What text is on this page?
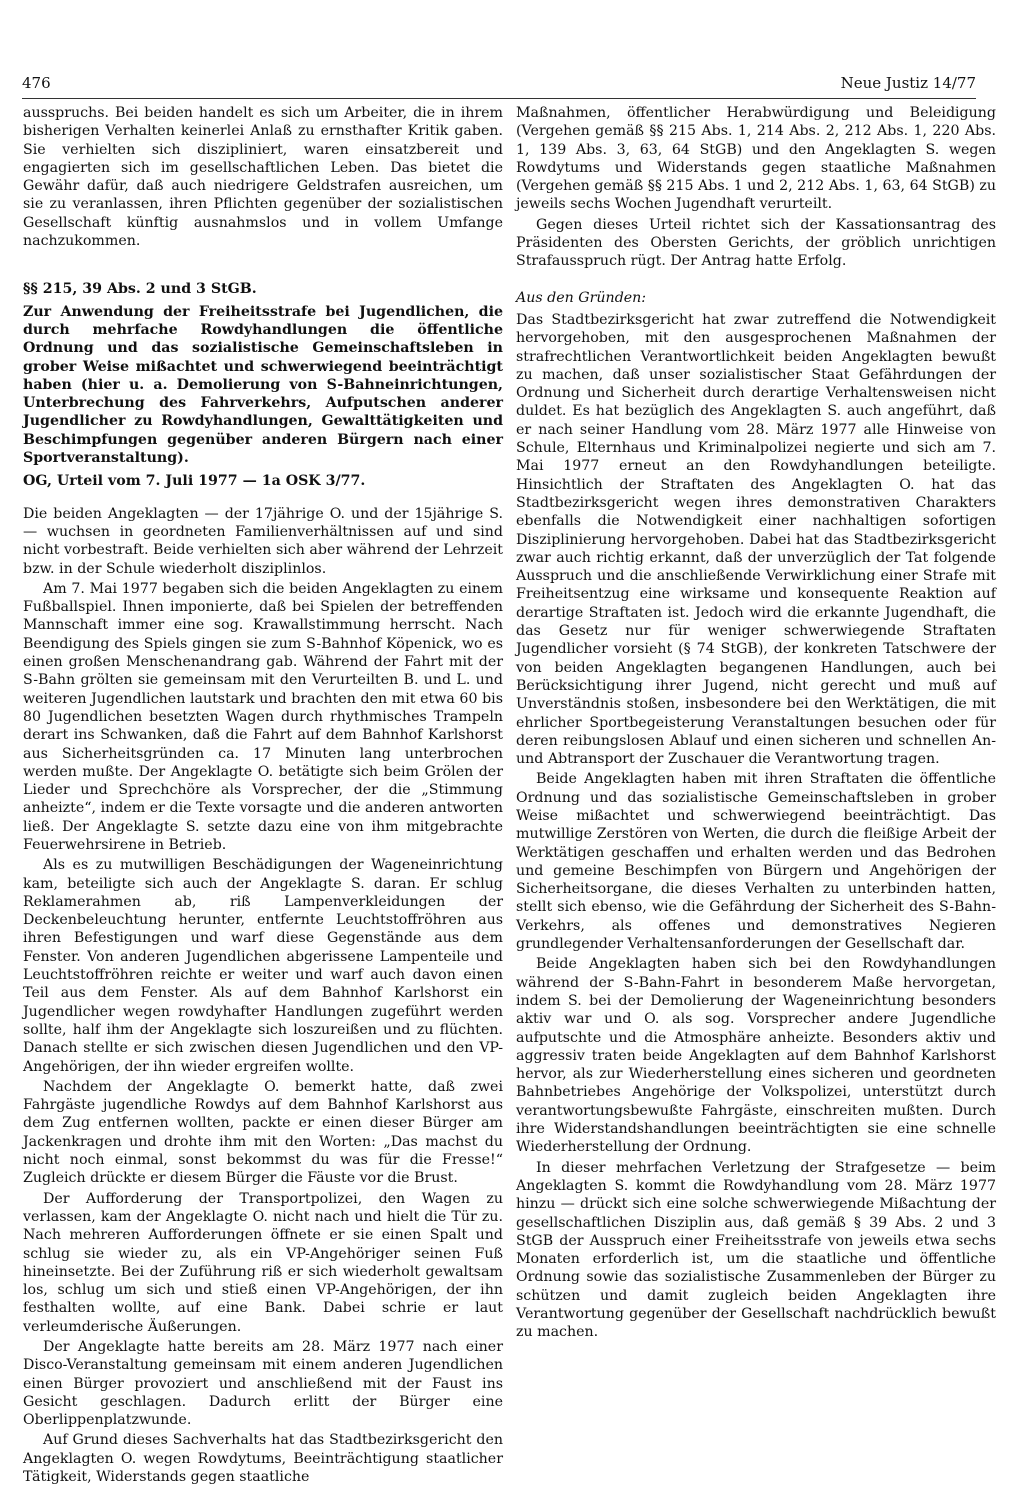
476	Neue Justiz 14/77

ausspruchs. Bei beiden handelt es sich um Arbeiter, die in ihrem bisherigen Verhalten keinerlei Anlaß zu ernsthafter Kritik gaben. Sie verhielten sich diszipliniert, waren einsatzbereit und engagierten sich im gesellschaftlichen Leben. Das bietet die Gewähr dafür, daß auch niedrigere Geldstrafen ausreichen, um sie zu veranlassen, ihren Pflichten gegenüber der sozialistischen Gesellschaft künftig ausnahmslos und in vollem Umfange nachzukommen.

§§ 215, 39 Abs. 2 und 3 StGB.

Zur Anwendung der Freiheitsstrafe bei Jugendlichen, die durch mehrfache Rowdyhandlungen die öffentliche Ordnung und das sozialistische Gemeinschaftsleben in grober Weise mißachtet und schwerwiegend beeinträchtigt haben (hier u. a. Demolierung von S-Bahneinrichtungen, Unterbrechung des Fahrverkehrs, Aufputschen anderer Jugendlicher zu Rowdyhandlungen, Gewalttätigkeiten und Beschimpfungen gegenüber anderen Bürgern nach einer Sportveranstaltung).

OG, Urteil vom 7. Juli 1977 — 1a OSK 3/77.

Die beiden Angeklagten — der 17jährige O. und der 15jährige S. — wuchsen in geordneten Familienverhältnissen auf und sind nicht vorbestraft. Beide verhielten sich aber während der Lehrzeit bzw. in der Schule wiederholt disziplinlos.

Am 7. Mai 1977 begaben sich die beiden Angeklagten zu einem Fußballspiel. Ihnen imponierte, daß bei Spielen der betreffenden Mannschaft immer eine sog. Krawallstimmung herrscht. Nach Beendigung des Spiels gingen sie zum S-Bahnhof Köpenick, wo es einen großen Menschenandrang gab. Während der Fahrt mit der S-Bahn grölten sie gemeinsam mit den Verurteilten B. und L. und weiteren Jugendlichen lautstark und brachten den mit etwa 60 bis 80 Jugendlichen besetzten Wagen durch rhythmisches Trampeln derart ins Schwanken, daß die Fahrt auf dem Bahnhof Karlshorst aus Sicherheitsgründen ca. 17 Minuten lang unterbrochen werden mußte. Der Angeklagte O. betätigte sich beim Grölen der Lieder und Sprechchöre als Vorsprecher, der die „Stimmung anheizte“, indem er die Texte vorsagte und die anderen antworten ließ. Der Angeklagte S. setzte dazu eine von ihm mitgebrachte Feuerwehrsirene in Betrieb.

Als es zu mutwilligen Beschädigungen der Wageneinrichtung kam, beteiligte sich auch der Angeklagte S. daran. Er schlug Reklamerahmen ab, riß Lampenverkleidungen der Deckenbeleuchtung herunter, entfernte Leuchtstoffröhren aus ihren Befestigungen und warf diese Gegenstände aus dem Fenster. Von anderen Jugendlichen abgerissene Lampenteile und Leuchtstoffröhren reichte er weiter und warf auch davon einen Teil aus dem Fenster. Als auf dem Bahnhof Karlshorst ein Jugendlicher wegen rowdyhafter Handlungen zugeführt werden sollte, half ihm der Angeklagte sich loszureißen und zu flüchten. Danach stellte er sich zwischen diesen Jugendlichen und den VP-Angehörigen, der ihn wieder ergreifen wollte.

Nachdem der Angeklagte O. bemerkt hatte, daß zwei Fahrgäste jugendliche Rowdys auf dem Bahnhof Karlshorst aus dem Zug entfernen wollten, packte er einen dieser Bürger am Jackenkragen und drohte ihm mit den Worten: „Das machst du nicht noch einmal, sonst bekommst du was für die Fresse!“ Zugleich drückte er diesem Bürger die Fäuste vor die Brust.

Der Aufforderung der Transportpolizei, den Wagen zu verlassen, kam der Angeklagte O. nicht nach und hielt die Tür zu. Nach mehreren Aufforderungen öffnete er sie einen Spalt und schlug sie wieder zu, als ein VP-Angehöriger seinen Fuß hineinsetzte. Bei der Zuführung riß er sich wiederholt gewaltsam los, schlug um sich und stieß einen VP-Angehörigen, der ihn festhalten wollte, auf eine Bank. Dabei schrie er laut verleumderische Äußerungen.

Der Angeklagte hatte bereits am 28. März 1977 nach einer Disco-Veranstaltung gemeinsam mit einem anderen Jugendlichen einen Bürger provoziert und anschließend mit der Faust ins Gesicht geschlagen. Dadurch erlitt der Bürger eine Oberlippenplatzwunde.

Auf Grund dieses Sachverhalts hat das Stadtbezirksgericht den Angeklagten O. wegen Rowdytums, Beeinträchtigung staatlicher Tätigkeit, Widerstands gegen staatliche

Maßnahmen, öffentlicher Herabwürdigung und Beleidigung (Vergehen gemäß §§ 215 Abs. 1, 214 Abs. 2, 212 Abs. 1, 220 Abs. 1, 139 Abs. 3, 63, 64 StGB) und den Angeklagten S. wegen Rowdytums und Widerstands gegen staatliche Maßnahmen (Vergehen gemäß §§ 215 Abs. 1 und 2, 212 Abs. 1, 63, 64 StGB) zu jeweils sechs Wochen Jugendhaft verurteilt.

Gegen dieses Urteil richtet sich der Kassationsantrag des Präsidenten des Obersten Gerichts, der gröblich unrichtigen Strafausspruch rügt. Der Antrag hatte Erfolg.

Aus den Gründen:

Das Stadtbezirksgericht hat zwar zutreffend die Notwendigkeit hervorgehoben, mit den ausgesprochenen Maßnahmen der strafrechtlichen Verantwortlichkeit beiden Angeklagten bewußt zu machen, daß unser sozialistischer Staat Gefährdungen der Ordnung und Sicherheit durch derartige Verhaltensweisen nicht duldet. Es hat bezüglich des Angeklagten S. auch angeführt, daß er nach seiner Handlung vom 28. März 1977 alle Hinweise von Schule, Elternhaus und Kriminalpolizei negierte und sich am 7. Mai 1977 erneut an den Rowdyhandlungen beteiligte. Hinsichtlich der Straftaten des Angeklagten O. hat das Stadtbezirksgericht wegen ihres demonstrativen Charakters ebenfalls die Notwendigkeit einer nachhaltigen sofortigen Disziplinierung hervorgehoben. Dabei hat das Stadtbezirksgericht zwar auch richtig erkannt, daß der unverzüglich der Tat folgende Ausspruch und die anschließende Verwirklichung einer Strafe mit Freiheitsentzug eine wirksame und konsequente Reaktion auf derartige Straftaten ist. Jedoch wird die erkannte Jugendhaft, die das Gesetz nur für weniger schwerwiegende Straftaten Jugendlicher vorsieht (§ 74 StGB), der konkreten Tatschwere der von beiden Angeklagten begangenen Handlungen, auch bei Berücksichtigung ihrer Jugend, nicht gerecht und muß auf Unverständnis stoßen, insbesondere bei den Werktätigen, die mit ehrlicher Sportbegeisterung Veranstaltungen besuchen oder für deren reibungslosen Ablauf und einen sicheren und schnellen An- und Abtransport der Zuschauer die Verantwortung tragen.

Beide Angeklagten haben mit ihren Straftaten die öffentliche Ordnung und das sozialistische Gemeinschaftsleben in grober Weise mißachtet und schwerwiegend beeinträchtigt. Das mutwillige Zerstören von Werten, die durch die fleißige Arbeit der Werktätigen geschaffen und erhalten werden und das Bedrohen und gemeine Beschimpfen von Bürgern und Angehörigen der Sicherheitsorgane, die dieses Verhalten zu unterbinden hatten, stellt sich ebenso, wie die Gefährdung der Sicherheit des S-Bahn-Verkehrs, als offenes und demonstratives Negieren grundlegender Verhaltensanforderungen der Gesellschaft dar.

Beide Angeklagten haben sich bei den Rowdyhandlungen während der S-Bahn-Fahrt in besonderem Maße hervorgetan, indem S. bei der Demolierung der Wageneinrichtung besonders aktiv war und O. als sog. Vorsprecher andere Jugendliche aufputschte und die Atmosphäre anheizte. Besonders aktiv und aggressiv traten beide Angeklagten auf dem Bahnhof Karlshorst hervor, als zur Wiederherstellung eines sicheren und geordneten Bahnbetriebes Angehörige der Volkspolizei, unterstützt durch verantwortungsbewußte Fahrgäste, einschreiten mußten. Durch ihre Widerstandshandlungen beeinträchtigten sie eine schnelle Wiederherstellung der Ordnung.

In dieser mehrfachen Verletzung der Strafgesetze — beim Angeklagten S. kommt die Rowdyhandlung vom 28. März 1977 hinzu — drückt sich eine solche schwerwiegende Mißachtung der gesellschaftlichen Disziplin aus, daß gemäß § 39 Abs. 2 und 3 StGB der Ausspruch einer Freiheitsstrafe von jeweils etwa sechs Monaten erforderlich ist, um die staatliche und öffentliche Ordnung sowie das sozialistische Zusammenleben der Bürger zu schützen und damit zugleich beiden Angeklagten ihre Verantwortung gegenüber der Gesellschaft nachdrücklich bewußt zu machen.
